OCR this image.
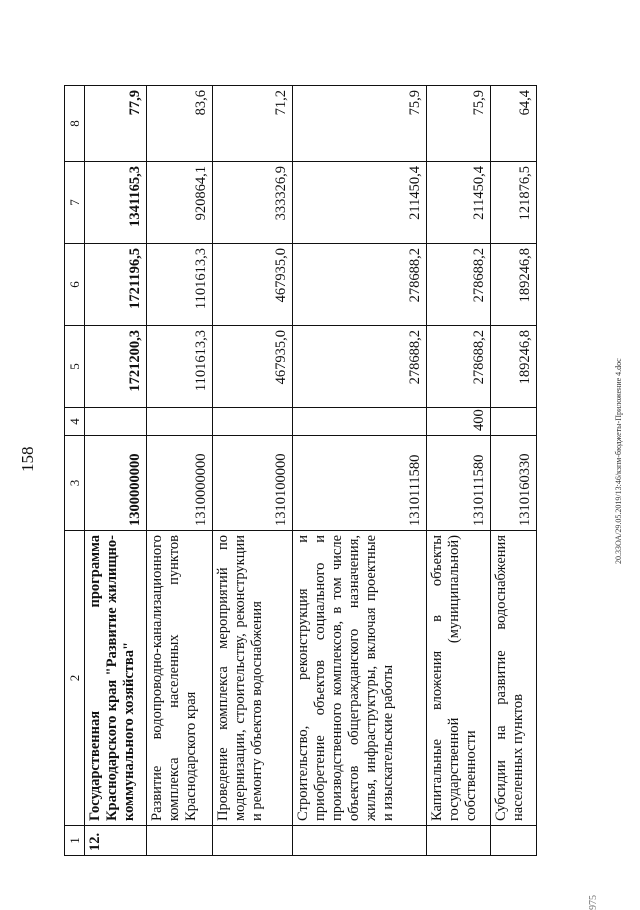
158
975
20.3ЗОА/29.05.2019/13:46/кзпм-бюджеты-Приложение 4.doc
1	2	3	4	5	6	7	8
12.	Государственная программа Краснодарского края "Развитие жилищно-коммунального хозяйства"	1300000000		1721200,3	1721196,5	1341165,3	77,9
	Развитие водопроводно-канализационного комплекса населенных пунктов Краснодарского края	1310000000		1101613,3	1101613,3	920864,1	83,6
	Проведение комплекса мероприятий по модернизации, строительству, реконструкции и ремонту объектов водоснабжения	1310100000		467935,0	467935,0	333326,9	71,2
	Строительство, реконструкция и приобретение объектов социального и производственного комплексов, в том числе объектов общегражданского назначения, жилья, инфраструктуры, включая проектные и изыскательские работы	1310111580		278688,2	278688,2	211450,4	75,9
	Капитальные вложения в объекты государственной (муниципальной) собственности	1310111580	400	278688,2	278688,2	211450,4	75,9
	Субсидии на развитие водоснабжения населенных пунктов	1310160330		189246,8	189246,8	121876,5	64,4
